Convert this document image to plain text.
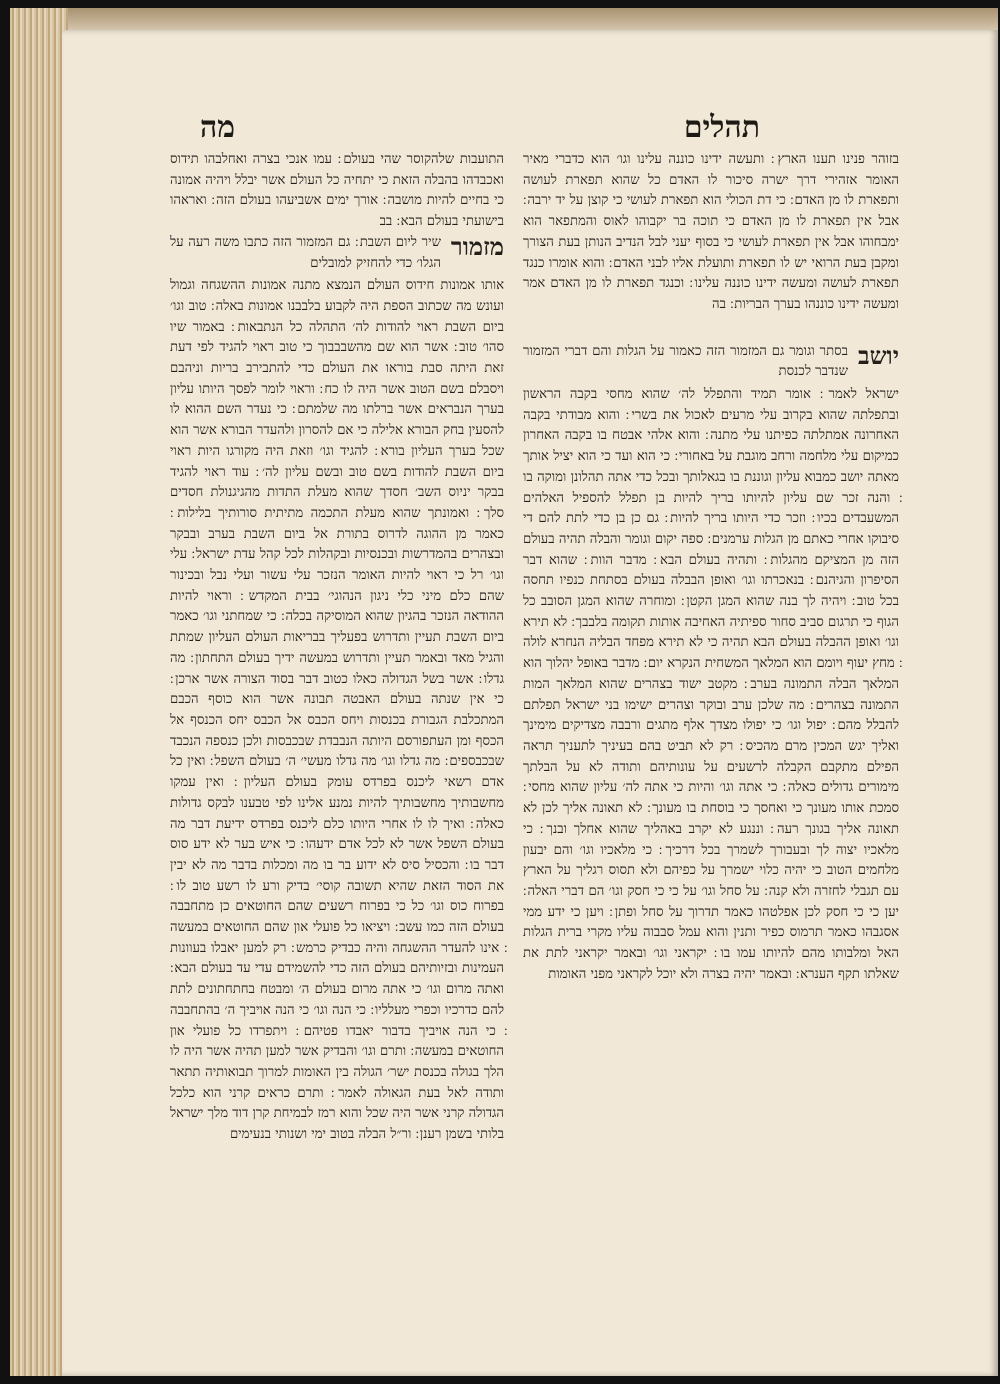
תהלים
מה

בזוהר פנינו תענו הארץ ׃ ותעשה ידינו כוננה עלינו וגו׳ הוא כדברי מאיר האומר אזהירי דרך ישרה סיכור לו האדם כל שהוא תפארת לעושה ותפארת לו מן האדם ׃ כי דת הכולי הוא תפארת לעושי כי קוצן על יד ירבה ׃ אבל אין תפארת לו מן האדם כי תוכה בר יקבוהו לאוס והמתפאר הוא ימבחוהו אבל אין תפארת לעושי כי בסוף יעני לבל הנדיב הנותן בעת הצורך ומקבן בעת הרואי יש לו תפארת ותועלת אליו לבני האדם ׃ והוא אומרו כנגד תפארת לעושה ומעשה ידינו כוננה עלינו ׃ וכנגד תפארת לו מן האדם אמר ומעשה ידינו כוננהו בערך הבריות ׃ בה

יושב
בסתר וגומר גם המזמור הזה כאמור על הגלות והם דברי המזמור שנדבר לכנסת

ישראל לאמר ׃ אומר תמיד והתפלל לה׳ שהוא מחסי בקבה הראשון ובתפלתה שהוא בקרוב עלי מרעים לאכול את בשרי ׃ והוא מבודתי בקבה האחרונה אמתלתה כפיתנו עלי מתנה ׃ והוא אלהי אבטח בו בקבה האחרון כמיקום עלי מלחמה ורחב מוגבת על באחורי ׃ כי הוא ועד כי הוא יציל אותך מאתה יושב כמבוא עליון וגוננת בו בגאלותך ובכל כדי אתה תהלונן ומוקה בו ׃ והנה זכר שם עליון להיותו בריך להיות בן תפלל להספיל האלהים המשעבדים בכיו ׃ וזכר כדי היותו בריך להיות ׃ גם כן בן כדי לתת להם די סיבוקו אחרי כאתם מן הגלות ערמנים ׃ ספה יקום וגומר והבלה תהיה בעולם הזה מן המציקם מהגלות ׃ ותהיה בעולם הבא ׃ מדבר הוות ׃ שהוא דבר הסיפרון והגיהנם ׃ בנאכרתו וגו׳ ואופן הבבלה בעולם בסתחת כנפיו תחסה בכל טוב ׃ ויהיה לך בנה שהוא המגן הקטן ׃ ומוחרה שהוא המגן הסובב כל הגוף כי תרגום סביב סחור ספיתיה האחיבה אותות תקומה בלבבך ׃ לא תירא וגו׳ ואופן ההבלה בעולם הבא תהיה כי לא תירא מפחד הבליה הנחרא לולה ׃ מחץ יעוף ויומם הוא המלאך המשחית הנקרא יום ׃ מדבר באופל יהלוך הוא המלאך הבלה התמונה בערב ׃ מקטב ישוד בצהרים שהוא המלאך המות התמונה בצהרים ׃ מה שלכן ערב ובוקר וצהרים ישימו בני ישראל תפלתם להבלל מהם ׃ יפול וגו׳ כי יפולו מצדך אלף מתגים ורבבה מצדיקים מימינך ואליך יגש המכין מרם מהכיס ׃ רק לא תביט בהם בעיניך לתעניך תראה הפילם מתקבם הקבלה לרשעים על עונותיהם ותודה לא על הבלתך מימורים גדולים כאלה ׃ כי אתה וגו׳ והיות כי אתה לה׳ עליון שהוא מחסי ׃ סמכת אותו מעונך כי ואחסך כי בוסחת בו מעונך ׃ לא תאונה אליך לכן לא תאונה אליך בגונך רעה ׃ וננגע לא יקרב באהליך שהוא אחלך ובנך ׃ כי מלאכיו יצוה לך ובעבורך לשמרך בכל דרכיך ׃ כי מלאכיו וגו׳ והם יבעון מלחמים הטוב כי יהיה כלוי ישמרך על כפיהם ולא תסוס רגליך על הארץ עם תגבלי לחזרה ולא קנה ׃ על סחל וגו׳ על כי כי חסק וגו׳ הם דברי האלה ׃ יען כי כי חסק לכן אפלטהו כאמר תדרוך על סחל ופתן ׃ ויען כי ידע ממי אסגבהו כאמר תרמוס כפיר ותנין והוא עמל סבבוה עליו מקרי ברית הגלות האל ומלבותו מהם להיותו עמו בו ׃ יקראני וגו׳ ובאמר יקראני לתת את שאלתו תקף הענרא ׃ ובאמר יהיה בצרה ולא יוכל לקראני מפני האומות

התועבות שלהקוסר שהי בעולם ׃ עמו אנכי בצרה ואחלבהו תידוס ואכבדהו בהבלה הזאת כי יתחיה כל העולם אשר יבלל ויהיה אמונה כי בחיים להיות מושבה ׃ אורך ימים אשביעהו בעולם הזה ׃ ואראהו בישועתי בעולם הבא ׃ בב

מזמור
שיר ליום השבת ׃ גם המזמור הזה כתבו משה רעה על הגלו׳ כדי להחזיק למובלים

אותו אמונות חידוס העולם הנמצא מתנה אמונות ההשגחה וגמול ועונש מה שכתוב הספת היה לקבוע בלבבנו אמונות באלה ׃ טוב וגו׳ ביום השבת ראוי להודות לה׳ התהלה כל הנתבאות ׃ באמור שיו סהו׳ טוב ׃ אשר הוא שם מהשבבבוך כי טוב ראוי להגיד לפי דעת זאת היתה סבת בוראו את העולם כדי להתבירב בריות וניהבם ויסבלם בשם הטוב אשר היה לו כח ׃ וראוי לומר לפסך היותו עליון בערך הנבראים אשר ברלתו מה שלמתם ׃ כי נעדר השם ההוא לו להסעין בחק הבורא אלילה כי אם להסרון ולהעדר הבורא אשר הוא שכל בערך העליון בורא ׃ להגיד וגו׳ וזאת היה מקורגו היות ראוי ביום השבת להודות בשם טוב ובשם עליון לה׳ ׃ עוד ראוי להגיד בבקר יניוס השב׳ חסדך שהוא מעלת התדות מהגיגנולת חסדים סלך ׃ ואמונתך שהוא מעלת התכמה מתיתית סורותיך בלילות ׃ כאמר מן ההוגה לדרוס בתורת אל ביום השבת בערב ובבקר ובצהרים בהמדרשות ובכנסיות ובקהלות לכל קהל עדת ישראל ׃ עלי וגו׳ רל כי ראוי להיות האומר הנזכר עלי עשור ועלי נבל ובכינור שהם כלם מיני כלי ניגון הנהוגי׳ בבית המקדש ׃ וראוי להיות ההודאה הנזכר בהגיון שהוא המוסיקה בכלה ׃ כי שמחתני וגו׳ כאמר ביום השבת תעיין ותדרוש בפעליך בבריאות העולם העליון שמתת והגיל מאד ובאמר תעיין ותדרוש במעשה ידיך בעולם התחתון ׃ מה גדלו ׃ אשר בשל הגדולה כאלו כטוב דבר בסוד הצורה אשר ארכן ׃ כי אין שנתה בעולם האבטה תבונה אשר הוא כוסף הכבם המתכלבת הגבורת בכנסות ויחס הכבס אל הכבס יחס הכנסף אל הכסף ומן העתפורסם היותה הנבבדת שבכבסות ולכן כנספה הנכבד שבכבספים ׃ מה גדלו וגו׳ מה גדלו מעשי׳ ה׳ בעולם השפל ׃ ואין כל אדם רשאי ליכנס בפרדס עומק בעולם העליון ׃ ואין עמקו מחשבותיך מחשבותיך להיות נמנע אלינו לפי טבענו לבקס גדולות כאלה ׃ ואיך לו לו אחרי היותו כלם ליכנס בפרדס ידיעת דבר מה בעולם השפל אשר לא לכל אדם ידעהו ׃ כי איש בער לא ידע סוס דבר בו ׃ והכסיל סיס לא ידוע בר בו מה ומכלות בדבר מה לא יבין את הסוד הזאת שהיא תשובה קוסי׳ בדיק ורע לו רשע טוב לו ׃ בפרוח כוס וגו׳ כל כי בפרוח רשעים שהם החוטאים כן מתחבבה בעולם הזה כמו עשב ׃ ויציאו כל פועלי און שהם החוטאים במעשה ׃ אינו להעדר ההשגחה והיה כבדיק כרמש ׃ רק למען יאבלו בעוונות העמינות ובזיותיהם בעולם הזה כדי להשמידם עדי עד בעולם הבא ׃ ואתה מרום וגו׳ כי אתה מרום בעולם ה׳ ומבטח בחתחתונים לתת להם כדרכיו וכפרי מעלליו ׃ כי הנה וגו׳ כי הנה אויביך ה׳ בהתחבבה ׃ כי הנה אויביך בדבור יאבדו פטיהם ׃ ויתפרדו כל פועלי און החוטאים במעשה ׃ ותרם וגו׳ והבדיק אשר למען תהיה אשר היה לו הלך בגולה בכנסת ישר׳ הגולה בין האומות למרוך תבואותיה תתאר ותודה לאל בעת הגאולה לאמר ׃ ותרם כראים קרני הוא כלכל הגדולה קרני אשר היה שכל והוא רמז לבמיחת קרן דוד מלך ישראל בלותי בשמן רענן ׃ ור״ל הבלה בטוב ימי ושנותי בנעימים
